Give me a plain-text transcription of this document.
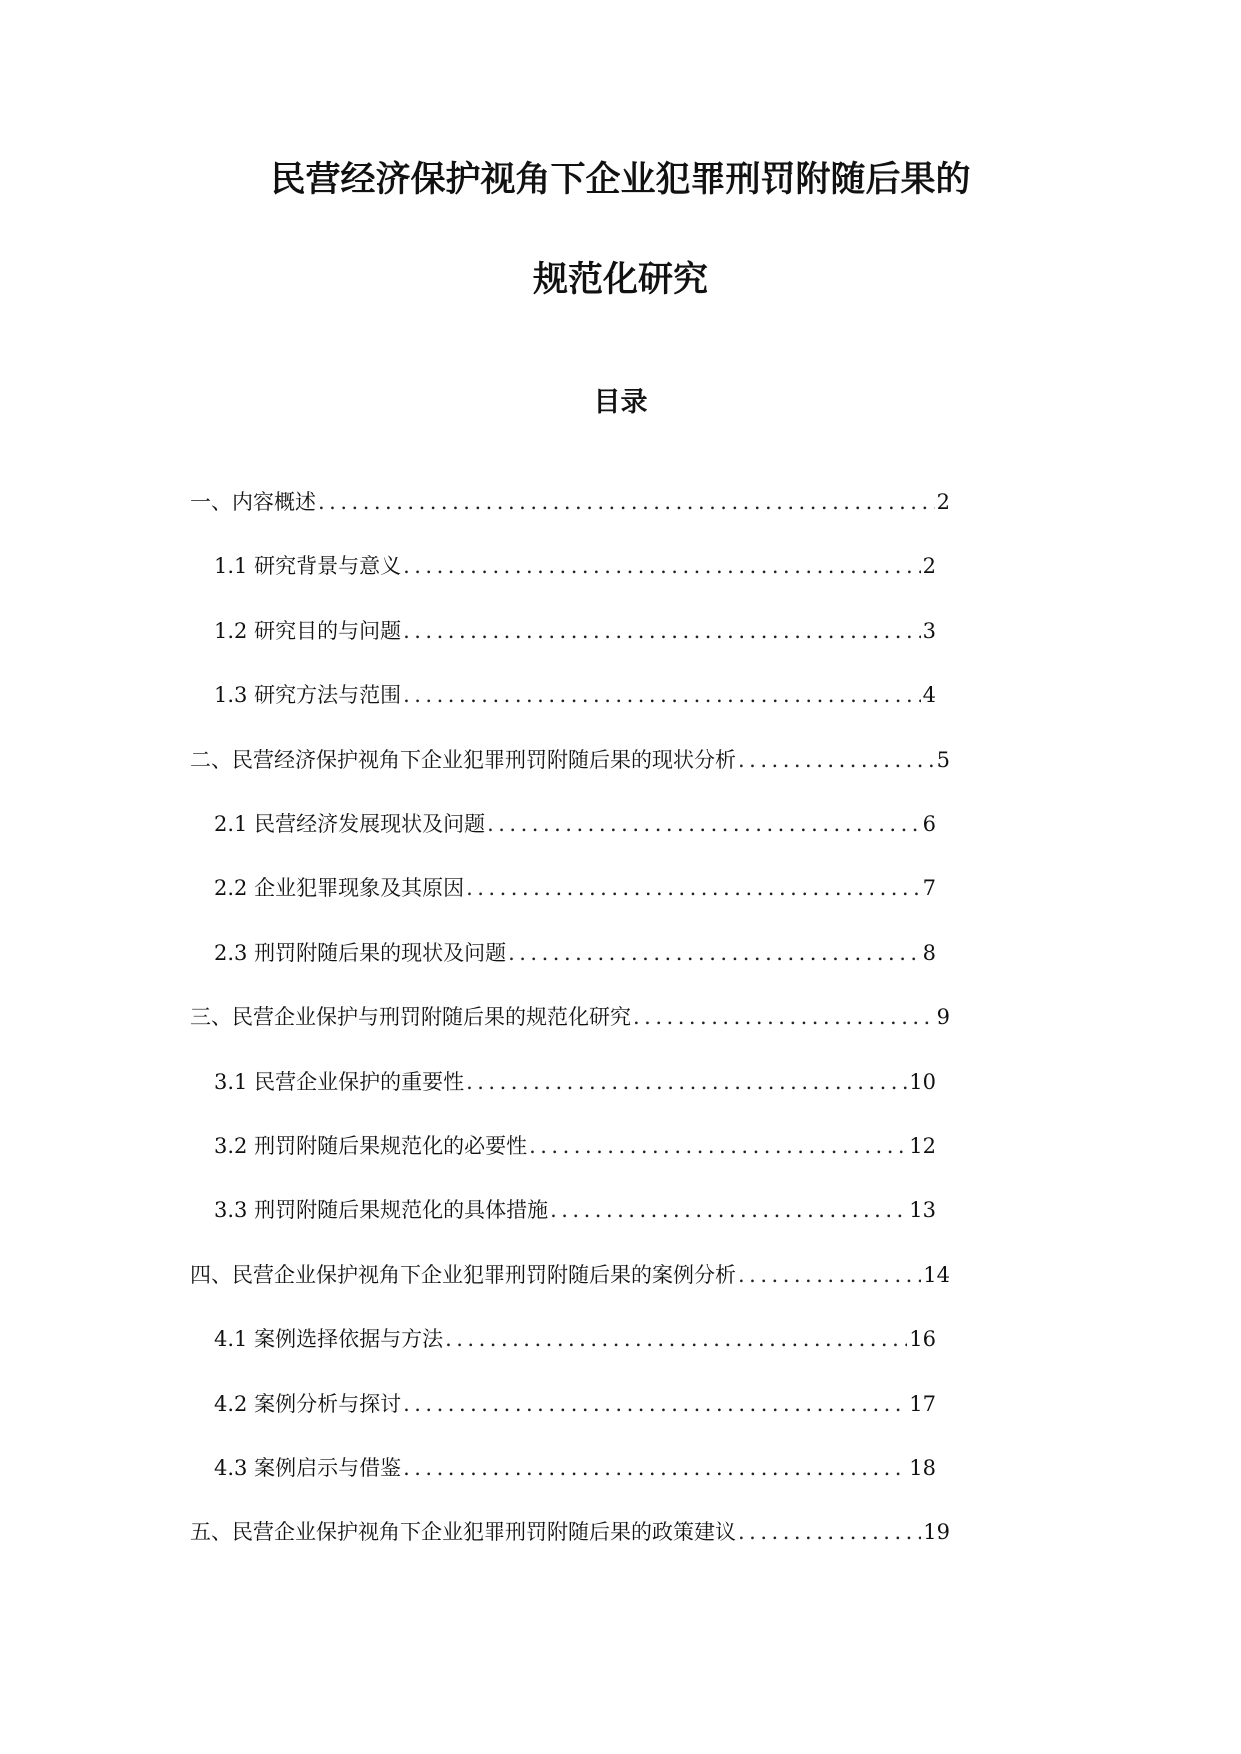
民营经济保护视角下企业犯罪刑罚附随后果的
规范化研究
目录
一、内容概述 .....	2
1.1 研究背景与意义 .....	2
1.2 研究目的与问题 .....	3
1.3 研究方法与范围 .....	4
二、民营经济保护视角下企业犯罪刑罚附随后果的现状分析 .....	5
2.1 民营经济发展现状及问题 .....	6
2.2 企业犯罪现象及其原因 .....	7
2.3 刑罚附随后果的现状及问题 .....	8
三、民营企业保护与刑罚附随后果的规范化研究 .....	9
3.1 民营企业保护的重要性 .....	10
3.2 刑罚附随后果规范化的必要性 .....	12
3.3 刑罚附随后果规范化的具体措施 .....	13
四、民营企业保护视角下企业犯罪刑罚附随后果的案例分析 .....	14
4.1 案例选择依据与方法 .....	16
4.2 案例分析与探讨 .....	17
4.3 案例启示与借鉴 .....	18
五、民营企业保护视角下企业犯罪刑罚附随后果的政策建议 .....	19
